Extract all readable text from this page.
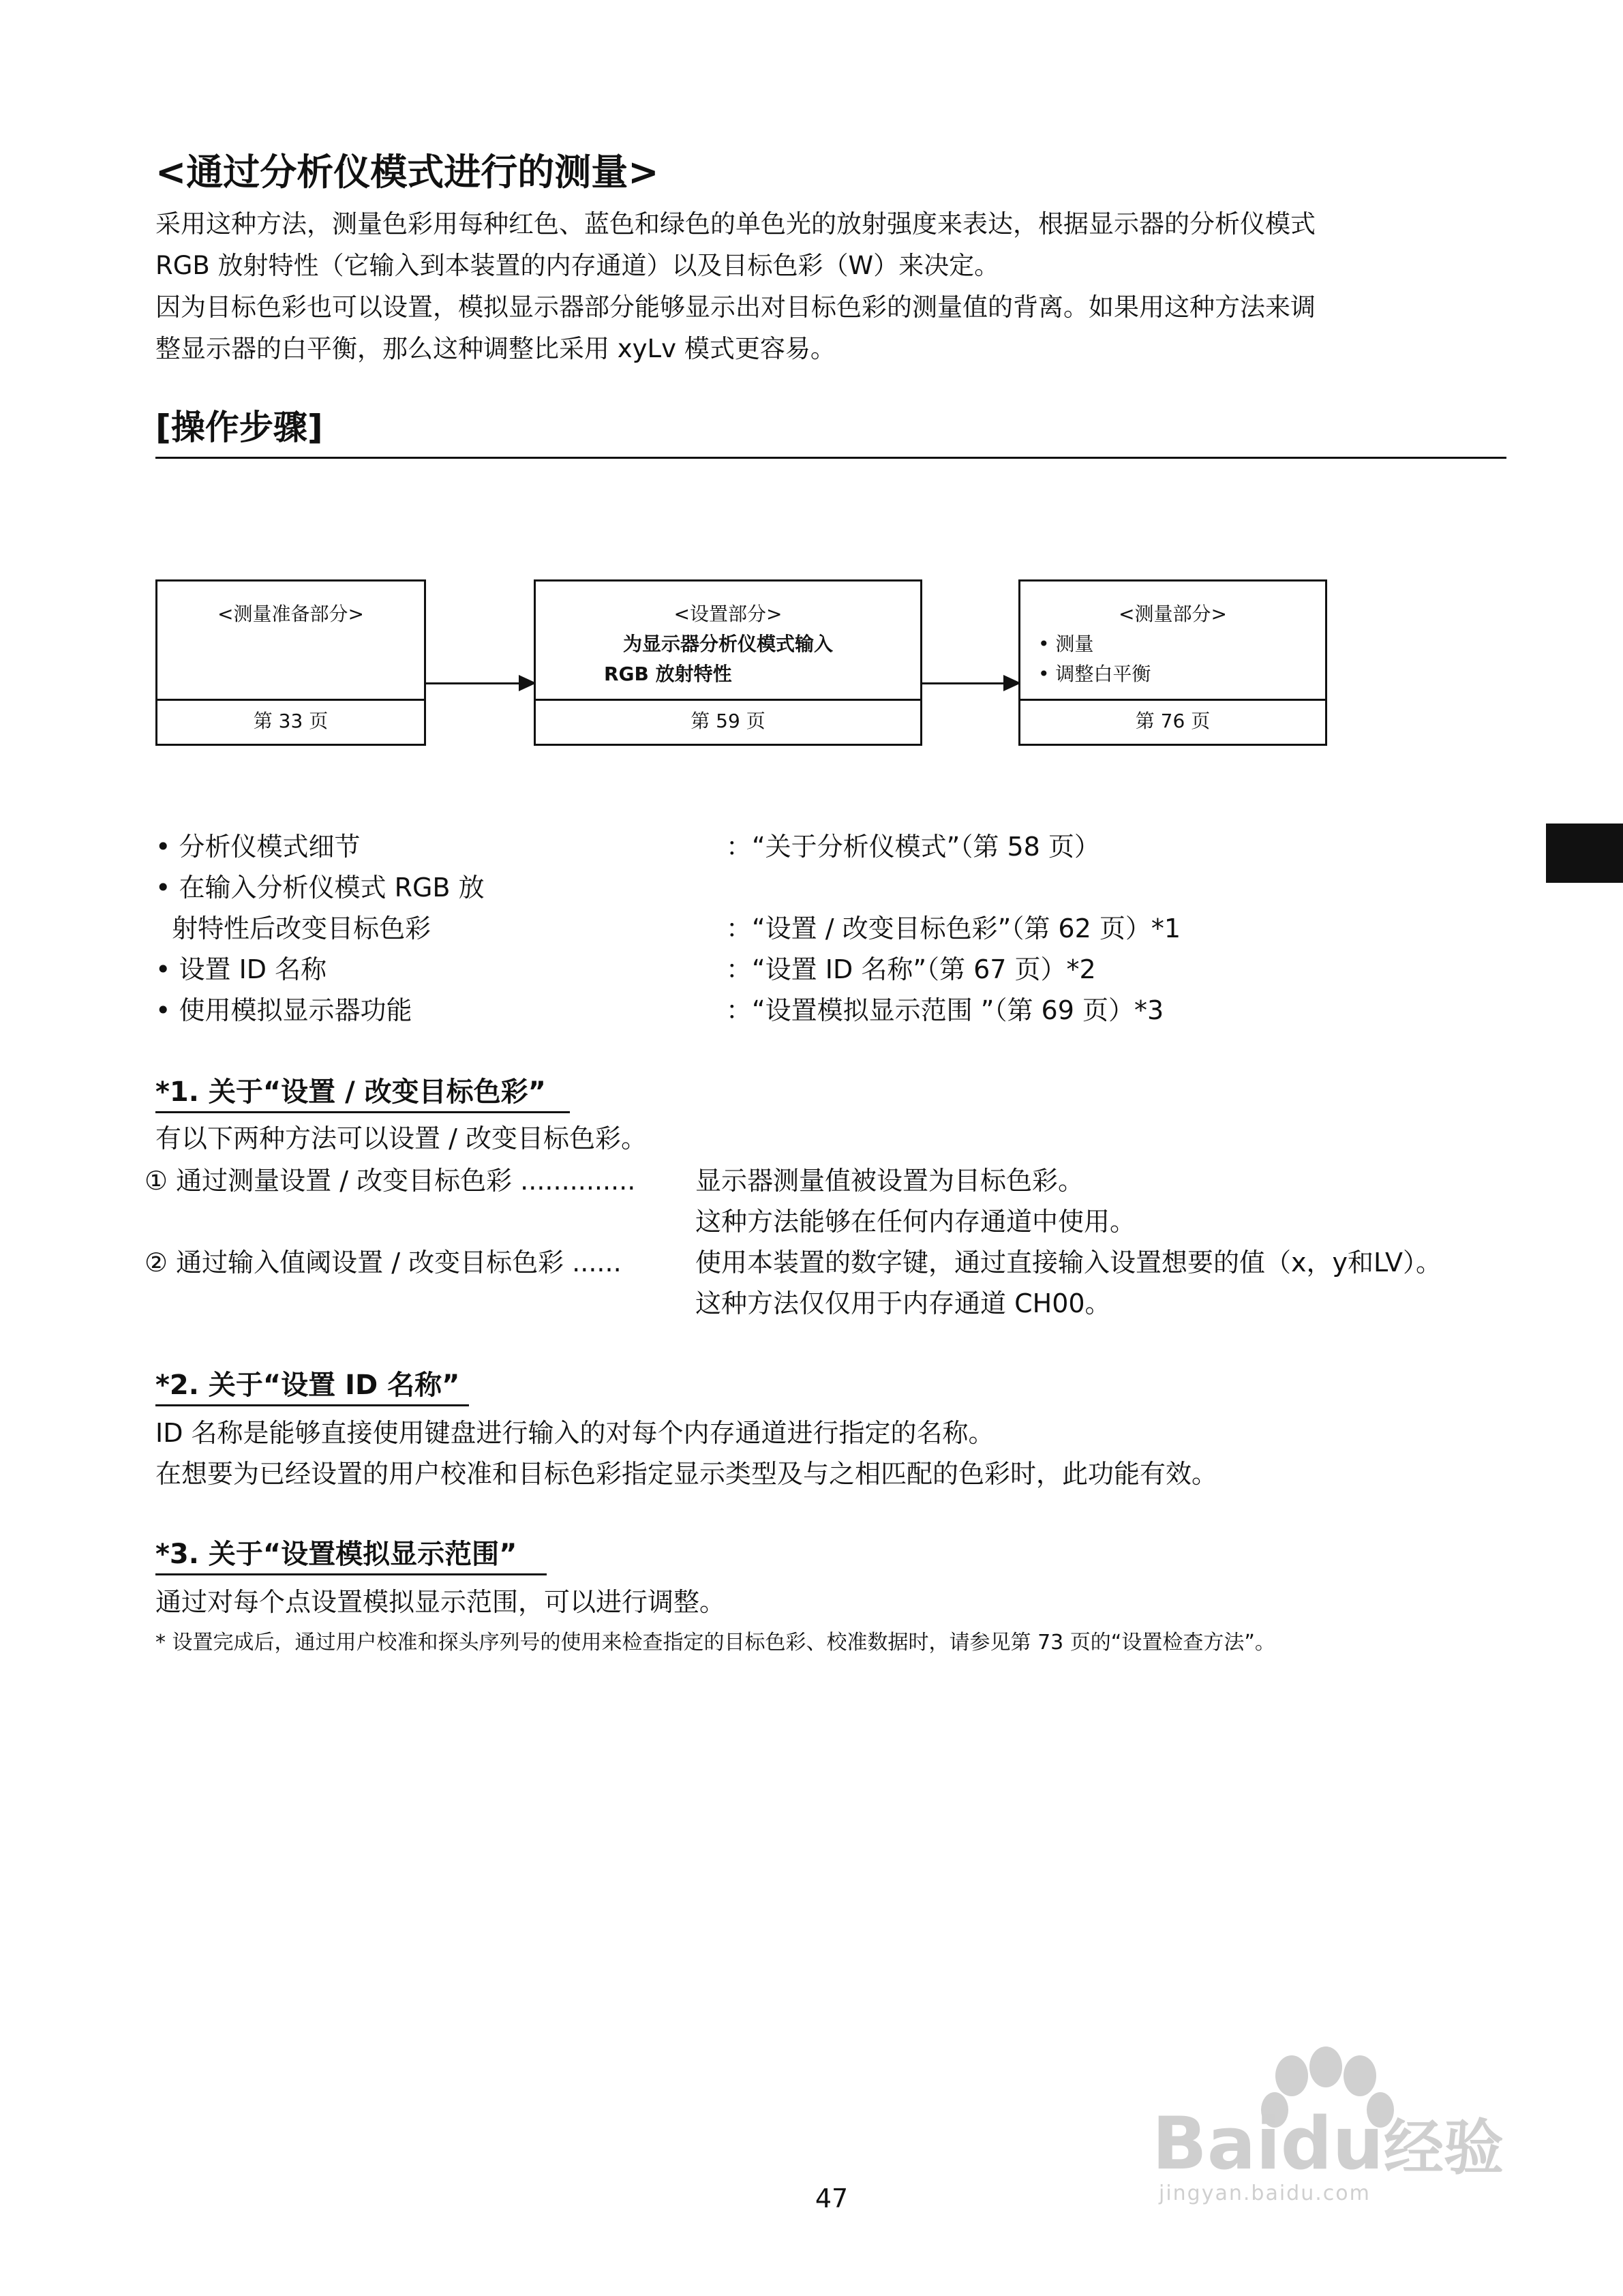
<通过分析仪模式进行的测量>

采用这种方法，测量色彩用每种红色、蓝色和绿色的单色光的放射强度来表达，根据显示器的分析仪模式

RGB 放射特性（它输入到本装置的内存通道）以及目标色彩（W）来决定。

因为目标色彩也可以设置，模拟显示器部分能够显示出对目标色彩的测量值的背离。如果用这种方法来调

整显示器的白平衡，那么这种调整比采用 xyLv 模式更容易。

[操作步骤]
<测量准备部分>
第 33 页
<设置部分>
为显示器分析仪模式输入
RGB 放射特性
第 59 页
<测量部分>
• 测量
• 调整白平衡
第 76 页
• 分析仪模式细节	：“关于分析仪模式”（第 58 页）
• 在输入分析仪模式 RGB 放
射特性后改变目标色彩	：“设置 / 改变目标色彩”（第 62 页）*1
• 设置 ID 名称	：“设置 ID 名称”（第 67 页）*2
• 使用模拟显示器功能	：“设置模拟显示范围 ”（第 69 页）*3
*1. 关于“设置 / 改变目标色彩”
有以下两种方法可以设置 / 改变目标色彩。
① 通过测量设置 / 改变目标色彩 .............. 显示器测量值被设置为目标色彩。
这种方法能够在任何内存通道中使用。
② 通过输入值阈设置 / 改变目标色彩 ......	使用本装置的数字键，通过直接输入设置想要的值（x，y和LV）。
这种方法仅仅用于内存通道 CH00。
*2. 关于“设置 ID 名称”
ID 名称是能够直接使用键盘进行输入的对每个内存通道进行指定的名称。
在想要为已经设置的用户校准和目标色彩指定显示类型及与之相匹配的色彩时，此功能有效。
*3. 关于“设置模拟显示范围”
通过对每个点设置模拟显示范围，可以进行调整。
* 设置完成后，通过用户校准和探头序列号的使用来检查指定的目标色彩、校准数据时，请参见第 73 页的“设置检查方法”。
47
Baidu经验
jingyan.baidu.com
